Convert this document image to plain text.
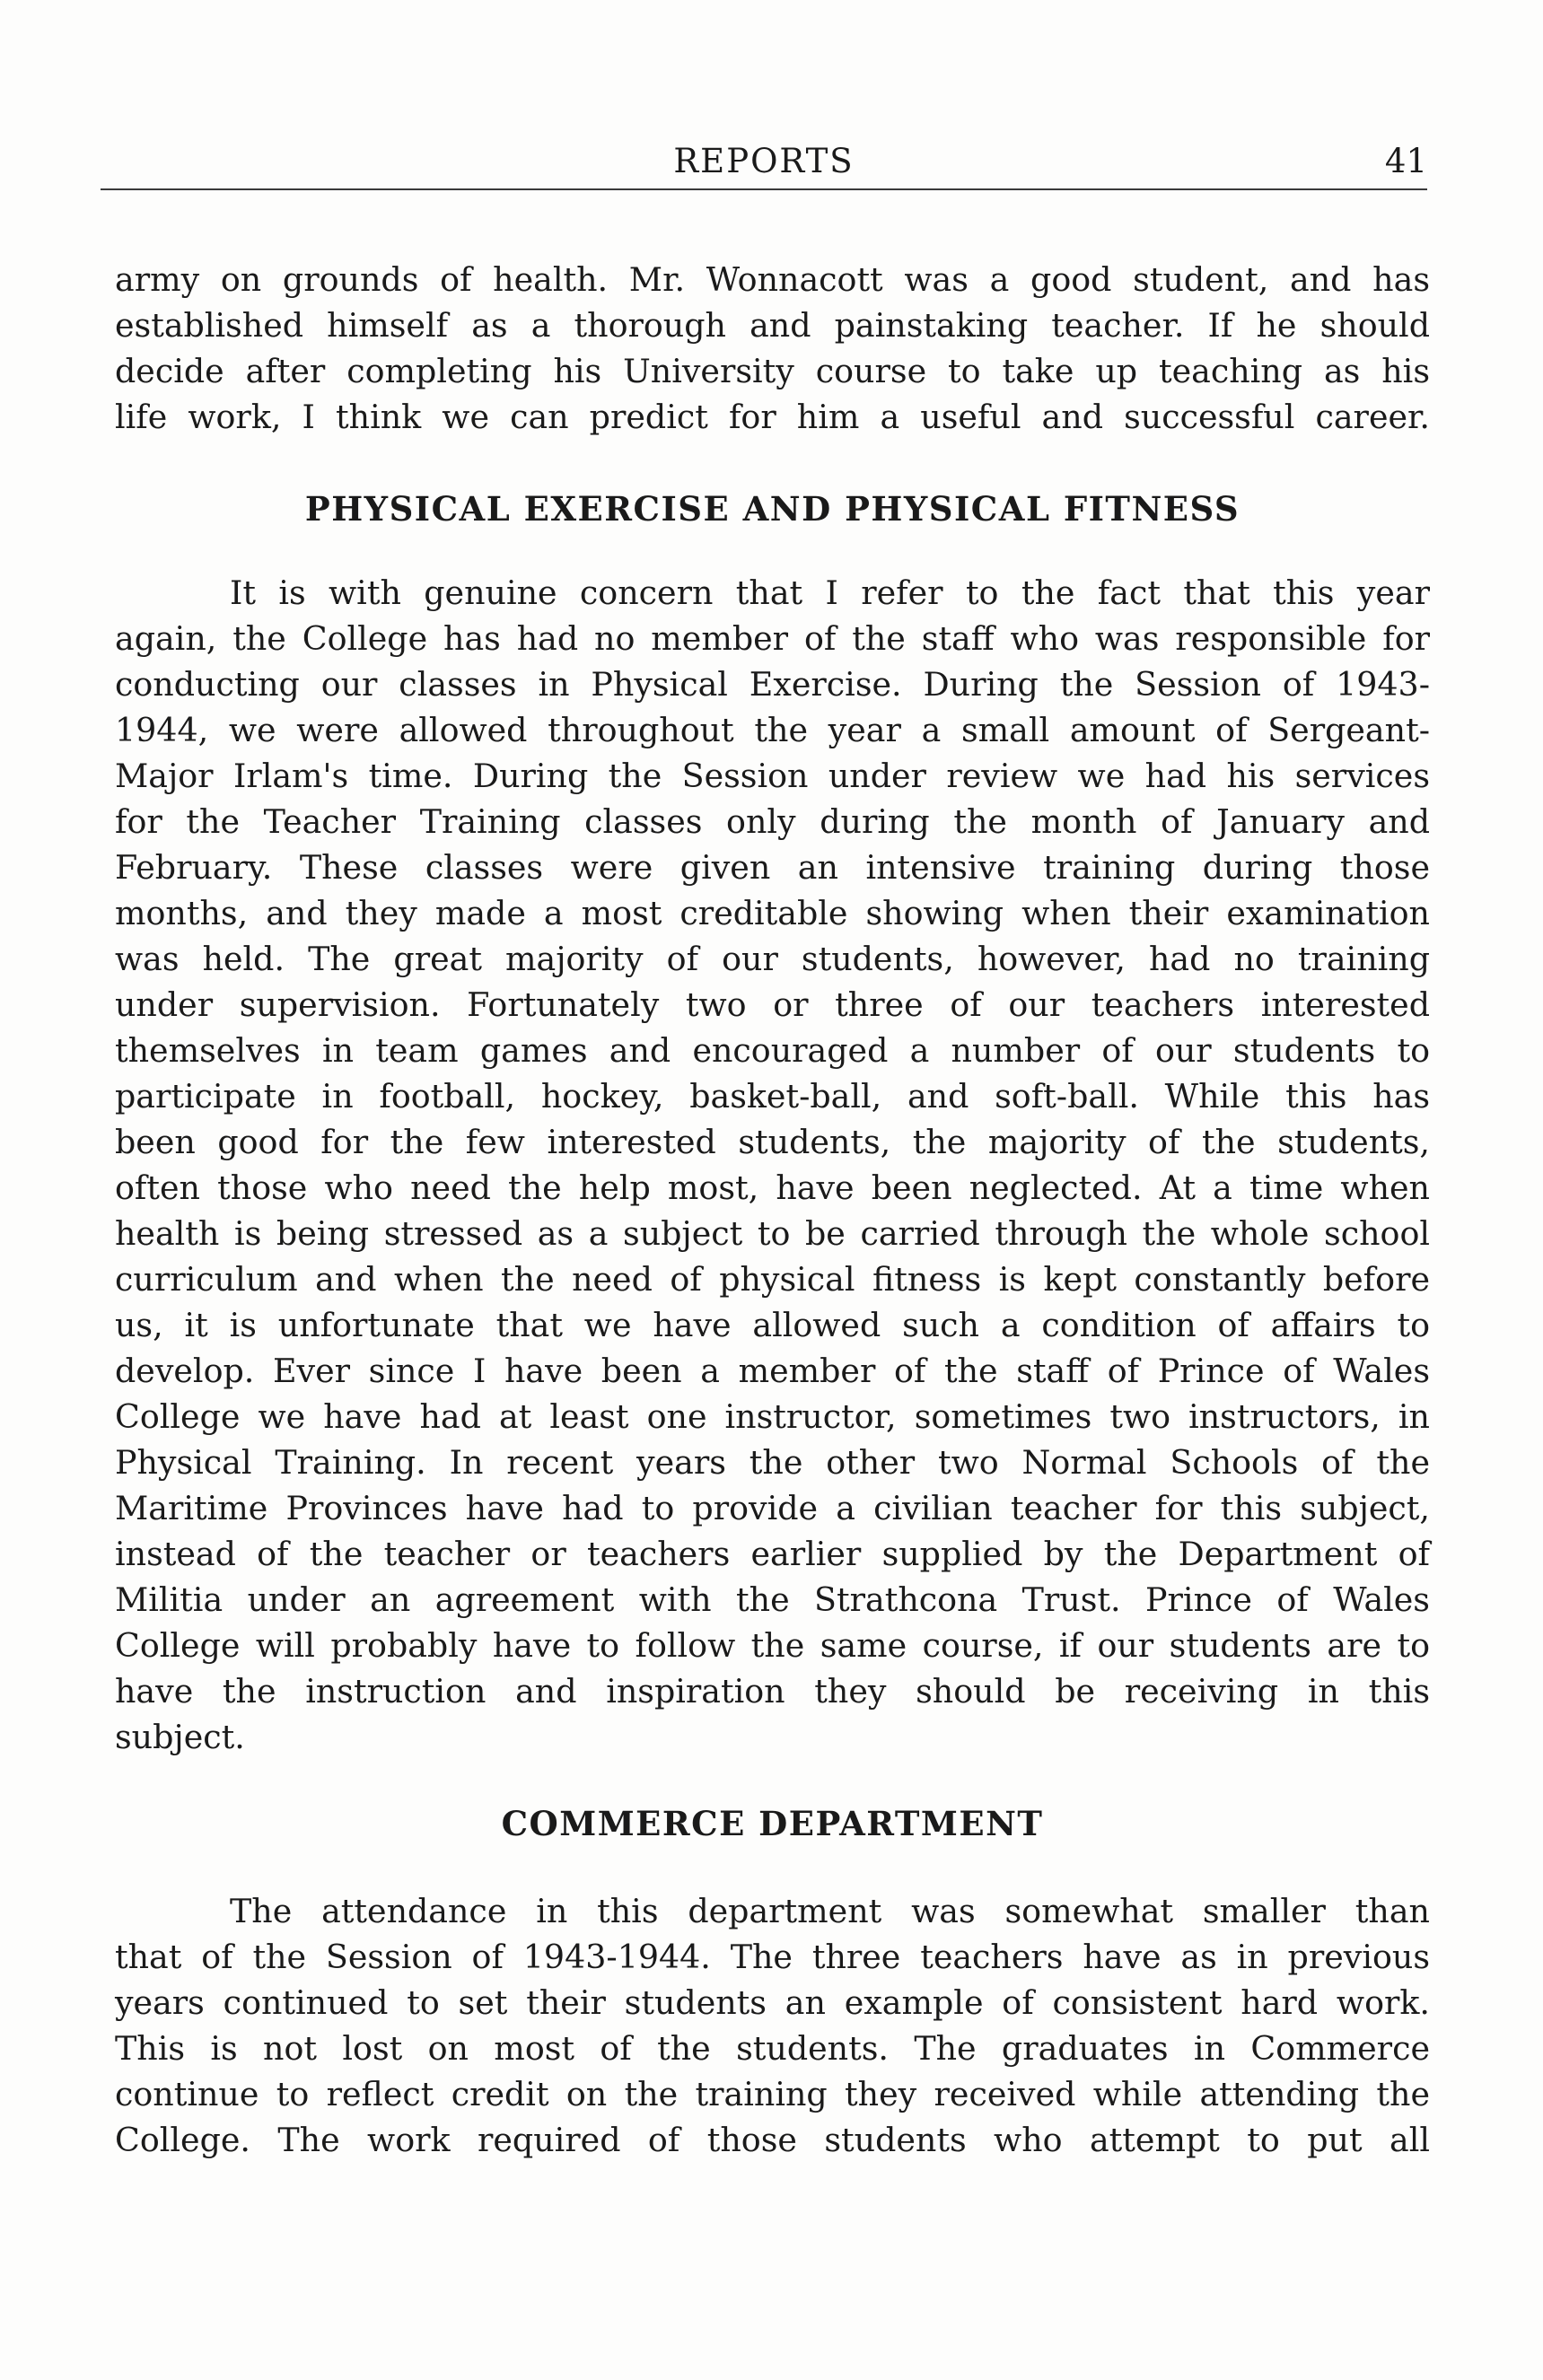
REPORTS	41

army on grounds of health. Mr. Wonnacott was a good student, and has
established himself as a thorough and painstaking teacher. If he should
decide after completing his University course to take up teaching as his
life work, I think we can predict for him a useful and successful career.

PHYSICAL EXERCISE AND PHYSICAL FITNESS

It is with genuine concern that I refer to the fact that this year
again, the College has had no member of the staff who was responsible for
conducting our classes in Physical Exercise. During the Session of 1943-
1944, we were allowed throughout the year a small amount of Sergeant-
Major Irlam's time. During the Session under review we had his services
for the Teacher Training classes only during the month of January and
February. These classes were given an intensive training during those
months, and they made a most creditable showing when their examination
was held. The great majority of our students, however, had no training
under supervision. Fortunately two or three of our teachers interested
themselves in team games and encouraged a number of our students to
participate in football, hockey, basket-ball, and soft-ball. While this has
been good for the few interested students, the majority of the students,
often those who need the help most, have been neglected. At a time when
health is being stressed as a subject to be carried through the whole school
curriculum and when the need of physical fitness is kept constantly before
us, it is unfortunate that we have allowed such a condition of affairs to
develop. Ever since I have been a member of the staff of Prince of Wales
College we have had at least one instructor, sometimes two instructors, in
Physical Training. In recent years the other two Normal Schools of the
Maritime Provinces have had to provide a civilian teacher for this subject,
instead of the teacher or teachers earlier supplied by the Department of
Militia under an agreement with the Strathcona Trust. Prince of Wales
College will probably have to follow the same course, if our students are to
have the instruction and inspiration they should be receiving in this
subject.

COMMERCE DEPARTMENT

The attendance in this department was somewhat smaller than
that of the Session of 1943-1944. The three teachers have as in previous
years continued to set their students an example of consistent hard work.
This is not lost on most of the students. The graduates in Commerce
continue to reflect credit on the training they received while attending the
College. The work required of those students who attempt to put all
